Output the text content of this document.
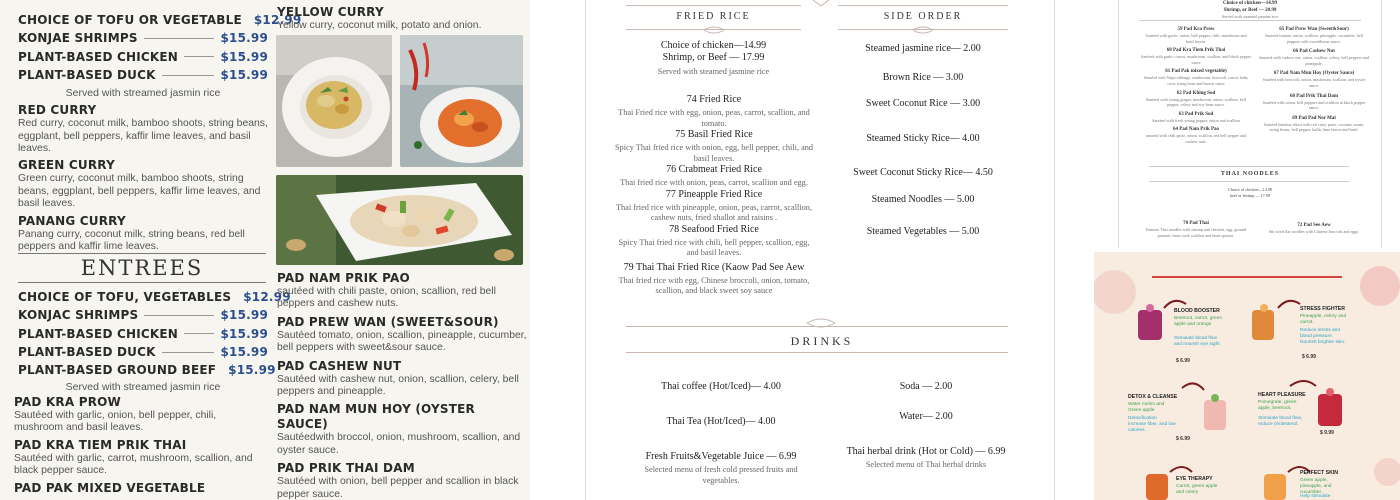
CHOICE OF TOFU OR VEGETABLE $12.99
KONJAE SHRIMPS	$15.99
PLANT-BASED CHICKEN	$15.99
PLANT-BASED DUCK	$15.99
Served with streamed jasmin rice
RED CURRY
Red curry, coconut milk, bamboo shoots, string beans, eggplant, bell peppers, kaffir lime leaves, and basil leaves.
GREEN CURRY
Green curry, coconut milk, bamboo shoots, string beans, eggplant, bell peppers, kaffir lime leaves, and basil leaves.
PANANG CURRY
Panang curry, coconut milk, string beans, red bell peppers and kaffir lime leaves.
ENTREES
CHOICE OF TOFU, VEGETABLES $12.99
KONJAC SHRIMPS	$15.99
PLANT-BASED CHICKEN	$15.99
PLANT-BASED DUCK	$15.99
PLANT-BASED GROUND BEEF $15.99
Served with streamed jasmin rice
PAD KRA PROW
Sautéed with garlic, onion, bell pepper, chili, mushroom and basil leaves.
PAD KRA TIEM PRIK THAI
Sautéed with garlic, carrot, mushroom, scallion, and black pepper sauce.
PAD PAK MIXED VEGETABLE
YELLOW CURRY
Yellow curry, coconut milk, potato and onion.
PAD NAM PRIK PAO
sautéed with chili paste, onion, scallion, red bell peppers and cashew nuts.
PAD PREW WAN (SWEET&SOUR)
Sautéed tomato, onion, scallion, pineapple, cucumber, bell peppers with sweet&sour sauce.
PAD CASHEW NUT
Sautéed with cashew nut, onion, scallion, celery, bell peppers and pineapple.
PAD NAM MUN HOY (OYSTER SAUCE)
Sautéedwith broccol, onion, mushroom, scallion, and oyster sauce.
PAD PRIK THAI DAM
Sautéed with onion, bell pepper and scallion in black pepper sauce.
FRIED RICE	SIDE ORDER
Choice of chicken—14.99
Shrimp, or Beef — 17.99
Served with steamed jasmine rice
74 Fried Rice
Thai Fried rice with egg, onion, peas, carrot, scallion, and tomato.
75 Basil Fried Rice
Spicy Thai fried rice with onion, egg, bell pepper, chili, and basil leaves.
76 Crabmeat Fried Rice
Thai fried rice with onion, peas, carrot, scallion and egg.
77 Pineapple Fried Rice
Thai fried rice with pineapple, onion, peas, carrot, scallion, cashew nuts, fried shallot and raisins .
78 Seafood Fried Rice
Spicy Thai fried rice with chili, bell pepper, scallion, egg, and basil leaves.
79 Thai Thai Fried Rice (Kaow Pad See Aew
Thai fried rice with egg, Chinese broccoli, onion, tomato, scallion, and black sweet soy sauce
Steamed jasmine rice— 2.00
Brown Rice — 3.00
Sweet Coconut Rice — 3.00
Steamed Sticky Rice— 4.00
Sweet Coconut Sticky Rice— 4.50
Steamed Noodles — 5.00
Steamed Vegetables — 5.00
DRINKS
Thai coffee (Hot/Iced)— 4.00
Thai Tea (Hot/Iced)— 4.00
Fresh Fruits&Vegetable Juice — 6.99
Selected menu of fresh cold pressed fruits and vegetables.
Soda — 2.00
Water— 2.00
Thai herbal drink (Hot or Cold) — 6.99
Selected menu of Thai herbal drinks
Choice of chicken—14.99
Shrimp, or Beef — 20.99
Served with steamed jasmine rice
59 Pad Kra Prow
Sauteed with garlic, onion, bell pepper, chili, mushroom and basil leaves.
60 Pad Kra Tiem Prik Thai
Sautéed with garlic, carrot, mushroom, scallion, and black pepper sauce
61 Pad Pak mixed vegetable)
Sautéed with Napa cabbage, mushroom, broccoli, carrot, baby corn, string bean and brown sauce
62 Pad Khing Sod
Sautéed with young ginger, mushroom, onion, scallion, bell pepper, celery and soy bean sauce.
63 Pad Prik Sod
Sautéed with fresh young pepper, onion and scallion
64 Pad Nam Prik Pao
sauteed with chili paste, onion, scallion, red bell pepper and cashew nuts.
65 Pad Prew Wan (Sweet&Sour)
Sauteed tomato, onion, scallion, pineapple, cucumber, bell peppers with sweet&sour sauce.
66 Pad Cashew Nut
Sauteed with cashew nut, onion, scallion, celery, bell peppers and pineapple.
67 Pad Nam Mun Hoy (Oyster Sauce)
Sautéed with broccoli, onion, mushroom, scallion, and oyster sauce.
68 Pad Prik Thai Dam
Sautéed with onion, bell peppers and scallion in black pepper sauce.
69 Pad Pad Nor Mai
Sautéed bamboo shoot with red curry paste, coconut cream, string beans, bell pepper, kaffir lime leaves and basil.
THAI NOODLES
Choice of chicken—14.99
beef or shrimp — 17.99
70 Pad Thai
Famous Thai noodles with shrimp and chicken, egg, ground peanuts, bean curd, scallion and bean sprouts.
72 Pad See Aew
Stir fried flat noodles with Chinese broccoli and eggs.
BLOOD BOOSTER
Beetroot, carrot, green apple and orange
Stimulate blood flow and nourish eye sight
$ 6.99
STRESS FIGHTER
Pineapple, celery and carrot.
Reduce stress and blood pressure. Nourish brighter skin.
$ 6.99
DETOX & CLEANSE
Water melon and Green apple
Detoxification increase fiber, and low calories.
$ 6.99
HEART PLEASURE
Pomegrate, green apple, beetroot.
Stimulate blood flow, reduce cholesterol.
$ 9.99
EYE THERAPY
Carrot, green apple and celery
PERFECT SKIN
Green apple, pineapple, and cucumber.
Help stimulate
